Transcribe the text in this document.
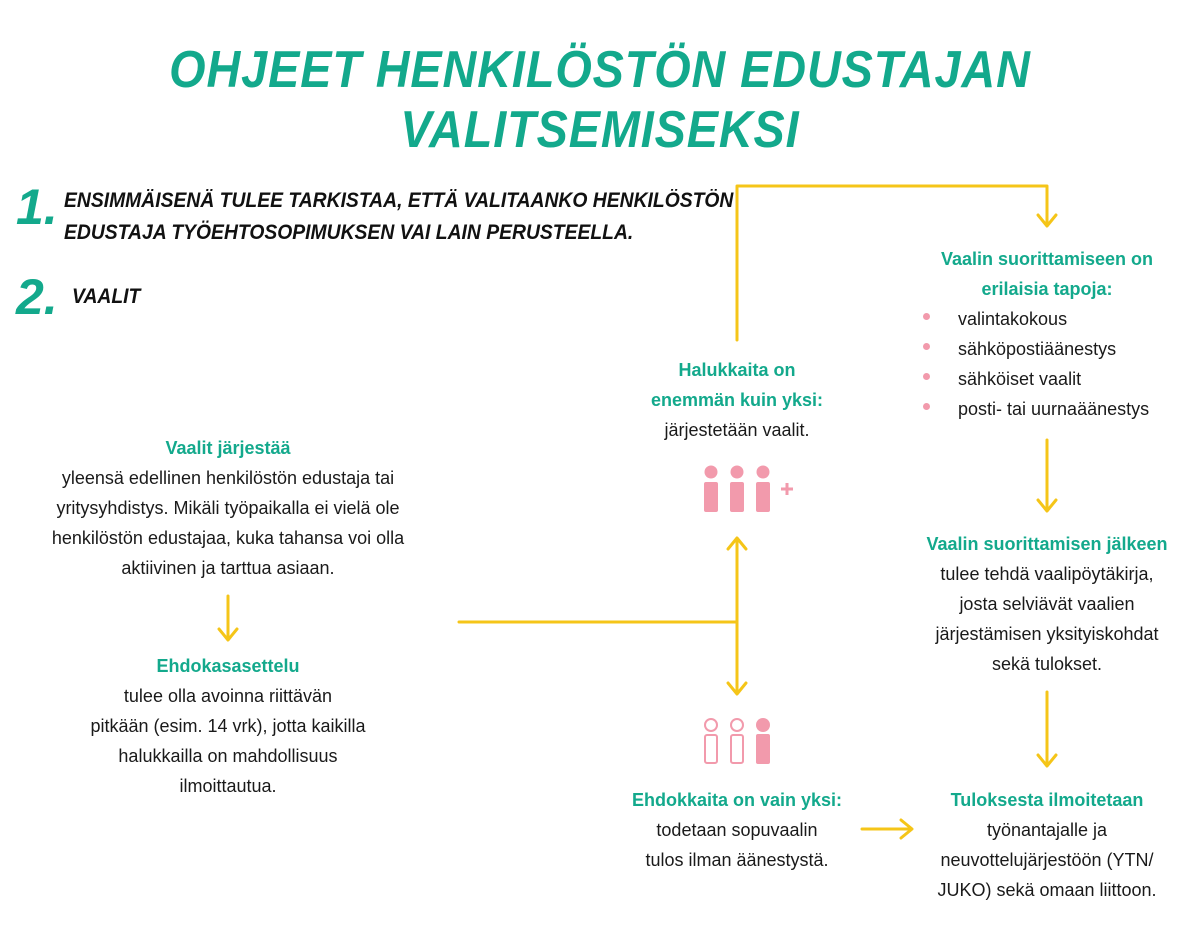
OHJEET HENKILÖSTÖN EDUSTAJAN VALITSEMISEKSI
1. ENSIMMÄISENÄ TULEE TARKISTAA, ETTÄ VALITAANKO HENKILÖSTÖN
EDUSTAJA TYÖEHTOSOPIMUKSEN VAI LAIN PERUSTEELLA.
2. VAALIT
Vaalit järjestää
yleensä edellinen henkilöstön edustaja tai
yritysyhdistys. Mikäli työpaikalla ei vielä ole
henkilöstön edustajaa, kuka tahansa voi olla
aktiivinen ja tarttua asiaan.
Ehdokasasettelu
tulee olla avoinna riittävän
pitkään (esim. 14 vrk), jotta kaikilla
halukkailla on mahdollisuus
ilmoittautua.
Halukkaita on
enemmän kuin yksi:
järjestetään vaalit.
Ehdokkaita on vain yksi:
todetaan sopuvaalin
tulos ilman äänestystä.
Vaalin suorittamiseen on
erilaisia tapoja:
valintakokous
sähköpostiäänestys
sähköiset vaalit
posti- tai uurnaäänestys
Vaalin suorittamisen jälkeen
tulee tehdä vaalipöytäkirja,
josta selviävät vaalien
järjestämisen yksityiskohdat
sekä tulokset.
Tuloksesta ilmoitetaan
työnantajalle ja
neuvottelujärjestöön (YTN/
JUKO) sekä omaan liittoon.
